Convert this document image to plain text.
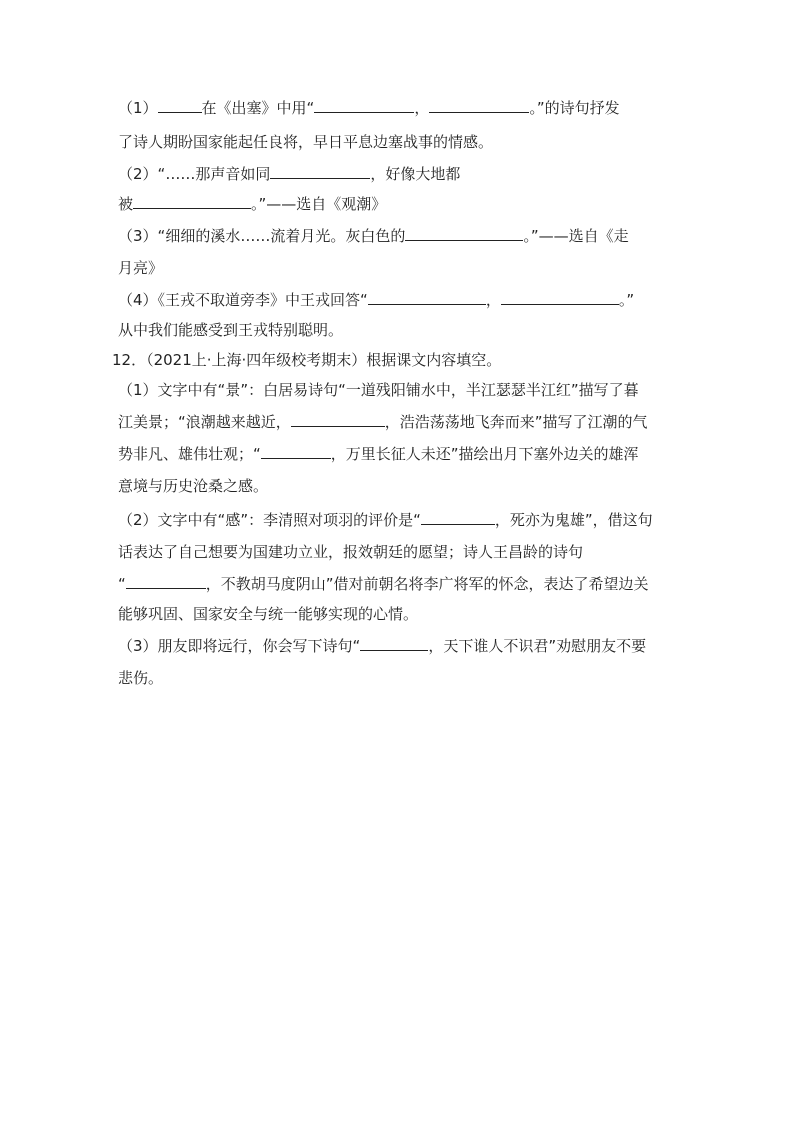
（1）	在《出塞》中用“	，	。”的诗句抒发
了诗人期盼国家能起任良将，早日平息边塞战事的情感。
（2）“……那声音如同	，好像大地都
被	。”——选自《观潮》
（3）“细细的溪水……流着月光。灰白色的	。”——选自《走
月亮》
（4）《王戎不取道旁李》中王戎回答“	，	。”
从中我们能感受到王戎特别聪明。
12．（2021上·上海·四年级校考期末）根据课文内容填空。
（1）文字中有“景”：白居易诗句“一道残阳铺水中，半江瑟瑟半江红”描写了暮
江美景；“浪潮越来越近，	，浩浩荡荡地飞奔而来”描写了江潮的气
势非凡、雄伟壮观；“	，万里长征人未还”描绘出月下塞外边关的雄浑
意境与历史沧桑之感。
（2）文字中有“感”：李清照对项羽的评价是“	，死亦为鬼雄”，借这句
话表达了自己想要为国建功立业，报效朝廷的愿望；诗人王昌龄的诗句
“	，不教胡马度阴山”借对前朝名将李广将军的怀念，表达了希望边关
能够巩固、国家安全与统一能够实现的心情。
（3）朋友即将远行，你会写下诗句“	，天下谁人不识君”劝慰朋友不要
悲伤。
